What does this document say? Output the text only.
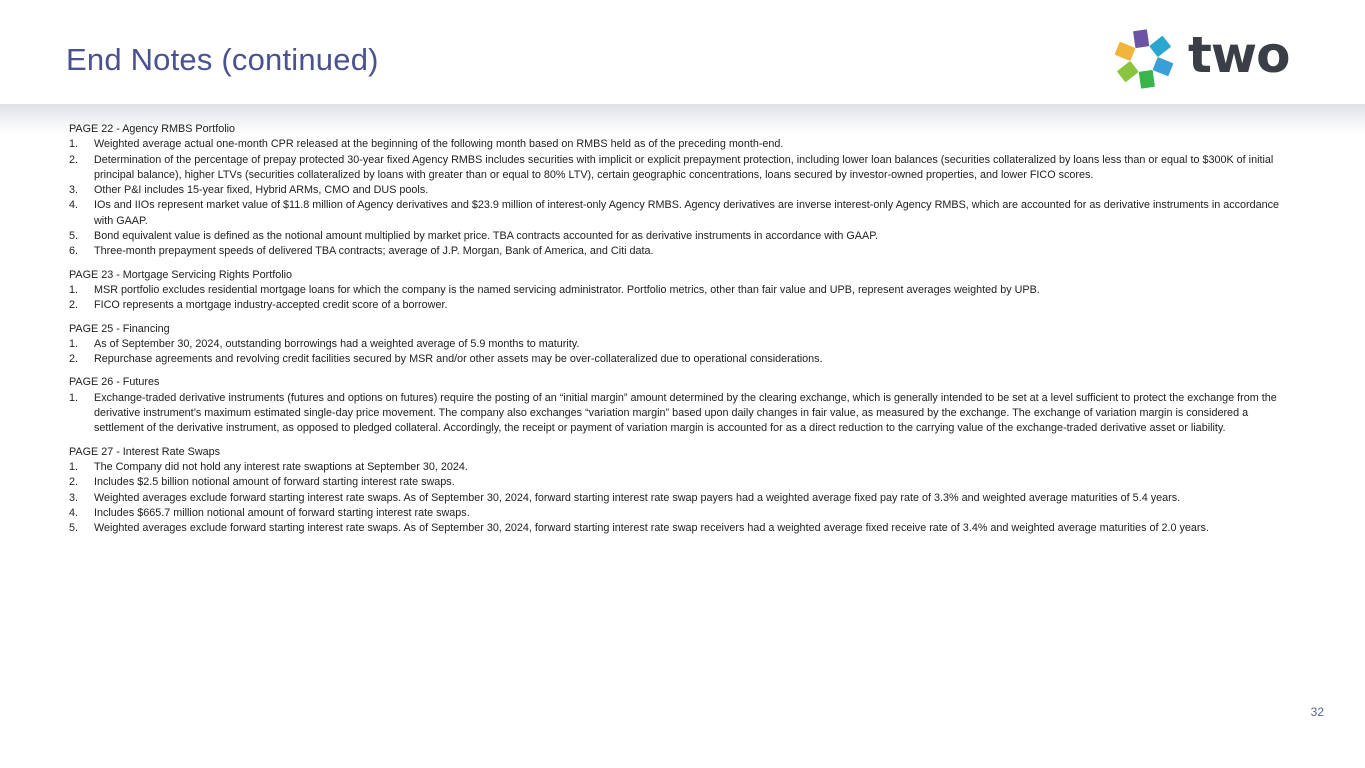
End Notes (continued)	two
PAGE 22 - Agency RMBS Portfolio
1. Weighted average actual one-month CPR released at the beginning of the following month based on RMBS held as of the preceding month-end.
2. Determination of the percentage of prepay protected 30-year fixed Agency RMBS includes securities with implicit or explicit prepayment protection, including lower loan balances (securities collateralized by loans less than or equal to $300K of initial principal balance), higher LTVs (securities collateralized by loans with greater than or equal to 80% LTV), certain geographic concentrations, loans secured by investor-owned properties, and lower FICO scores.
3. Other P&I includes 15-year fixed, Hybrid ARMs, CMO and DUS pools.
4. IOs and IIOs represent market value of $11.8 million of Agency derivatives and $23.9 million of interest-only Agency RMBS. Agency derivatives are inverse interest-only Agency RMBS, which are accounted for as derivative instruments in accordance with GAAP.
5. Bond equivalent value is defined as the notional amount multiplied by market price. TBA contracts accounted for as derivative instruments in accordance with GAAP.
6. Three-month prepayment speeds of delivered TBA contracts; average of J.P. Morgan, Bank of America, and Citi data.
PAGE 23 - Mortgage Servicing Rights Portfolio
1. MSR portfolio excludes residential mortgage loans for which the company is the named servicing administrator. Portfolio metrics, other than fair value and UPB, represent averages weighted by UPB.
2. FICO represents a mortgage industry-accepted credit score of a borrower.
PAGE 25 - Financing
1. As of September 30, 2024, outstanding borrowings had a weighted average of 5.9 months to maturity.
2. Repurchase agreements and revolving credit facilities secured by MSR and/or other assets may be over-collateralized due to operational considerations.
PAGE 26 - Futures
1. Exchange-traded derivative instruments (futures and options on futures) require the posting of an “initial margin” amount determined by the clearing exchange, which is generally intended to be set at a level sufficient to protect the exchange from the derivative instrument’s maximum estimated single-day price movement. The company also exchanges “variation margin” based upon daily changes in fair value, as measured by the exchange. The exchange of variation margin is considered a settlement of the derivative instrument, as opposed to pledged collateral. Accordingly, the receipt or payment of variation margin is accounted for as a direct reduction to the carrying value of the exchange-traded derivative asset or liability.
PAGE 27 - Interest Rate Swaps
1. The Company did not hold any interest rate swaptions at September 30, 2024.
2. Includes $2.5 billion notional amount of forward starting interest rate swaps.
3. Weighted averages exclude forward starting interest rate swaps. As of September 30, 2024, forward starting interest rate swap payers had a weighted average fixed pay rate of 3.3% and weighted average maturities of 5.4 years.
4. Includes $665.7 million notional amount of forward starting interest rate swaps.
5. Weighted averages exclude forward starting interest rate swaps. As of September 30, 2024, forward starting interest rate swap receivers had a weighted average fixed receive rate of 3.4% and weighted average maturities of 2.0 years.
32
